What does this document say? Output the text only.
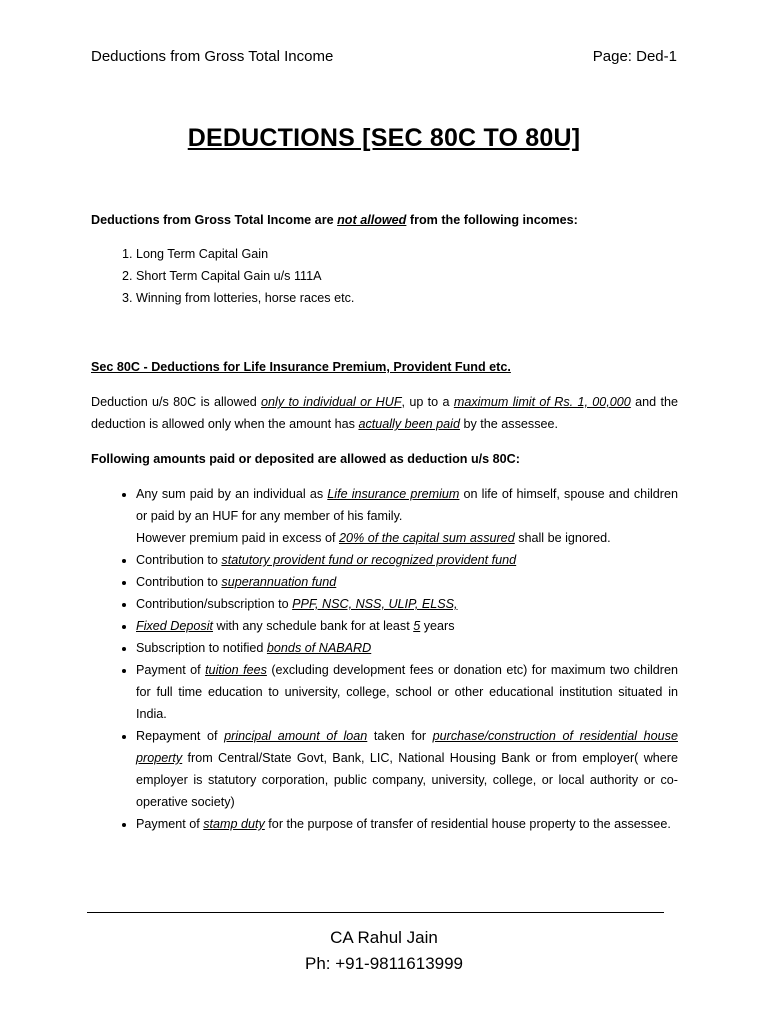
Deductions from Gross Total Income	Page: Ded-1
DEDUCTIONS [SEC 80C TO 80U]
Deductions from Gross Total Income are not allowed from the following incomes:
1. Long Term Capital Gain
2. Short Term Capital Gain u/s 111A
3. Winning from lotteries, horse races etc.
Sec 80C - Deductions for Life Insurance Premium, Provident Fund etc.
Deduction u/s 80C is allowed only to individual or HUF, up to a maximum limit of Rs. 1, 00,000 and the deduction is allowed only when the amount has actually been paid by the assessee.
Following amounts paid or deposited are allowed as deduction u/s 80C:
• Any sum paid by an individual as Life insurance premium on life of himself, spouse and children or paid by an HUF for any member of his family.
However premium paid in excess of 20% of the capital sum assured shall be ignored.
• Contribution to statutory provident fund or recognized provident fund
• Contribution to superannuation fund
• Contribution/subscription to PPF, NSC, NSS, ULIP, ELSS,
• Fixed Deposit with any schedule bank for at least 5 years
• Subscription to notified bonds of NABARD
• Payment of tuition fees (excluding development fees or donation etc) for maximum two children for full time education to university, college, school or other educational institution situated in India.
• Repayment of principal amount of loan taken for purchase/construction of residential house property from Central/State Govt, Bank, LIC, National Housing Bank or from employer( where employer is statutory corporation, public company, university, college, or local authority or co-operative society)
• Payment of stamp duty for the purpose of transfer of residential house property to the assessee.
CA Rahul Jain
Ph: +91-9811613999
